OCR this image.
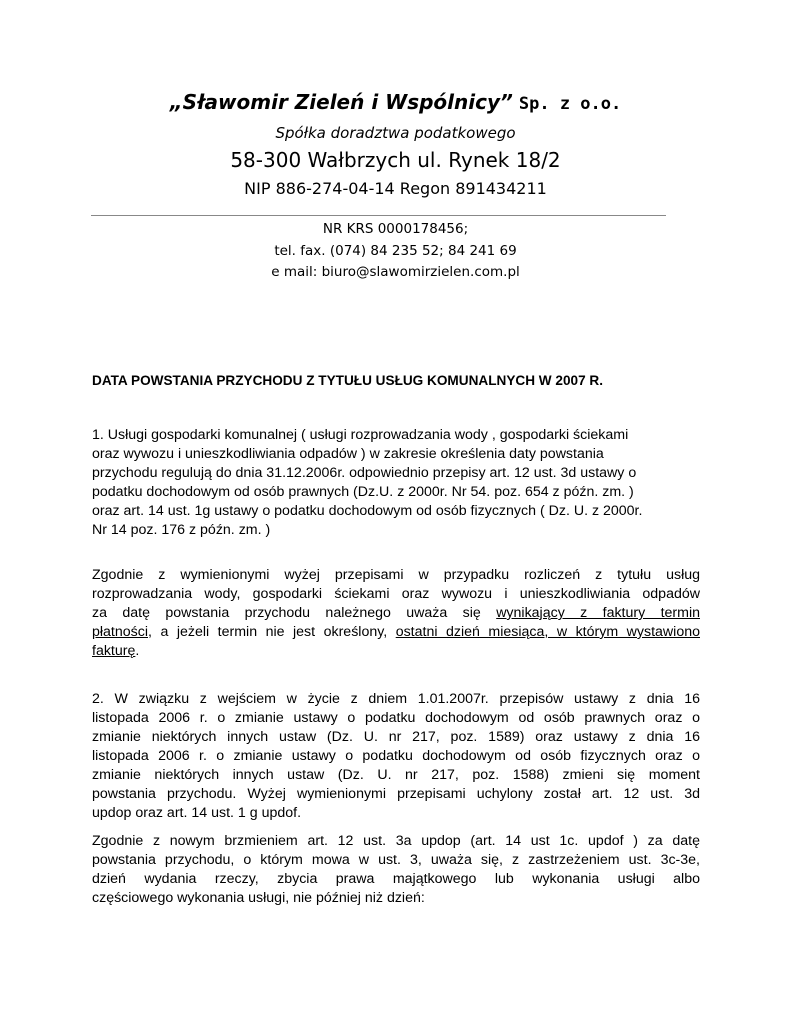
„Sławomir Zieleń i Wspólnicy” Sp. z o.o.
Spółka doradztwa podatkowego
58-300 Wałbrzych ul. Rynek 18/2
NIP 886-274-04-14 Regon 891434211
NR KRS 0000178456;
tel. fax. (074) 84 235 52; 84 241 69
e mail: biuro@slawomirzielen.com.pl
DATA POWSTANIA PRZYCHODU Z TYTUŁU USŁUG KOMUNALNYCH W 2007 R.
1. Usługi gospodarki komunalnej ( usługi rozprowadzania wody , gospodarki ściekami
oraz wywozu i unieszkodliwiania odpadów ) w zakresie określenia daty powstania
przychodu regulują do dnia 31.12.2006r. odpowiednio przepisy art. 12 ust. 3d ustawy o
podatku dochodowym od osób prawnych (Dz.U. z 2000r. Nr 54. poz. 654 z późn. zm. )
oraz art. 14 ust. 1g ustawy o podatku dochodowym od osób fizycznych ( Dz. U. z 2000r.
Nr 14 poz. 176 z późn. zm. )
Zgodnie z wymienionymi wyżej przepisami w przypadku rozliczeń z tytułu usług
rozprowadzania wody, gospodarki ściekami oraz wywozu i unieszkodliwiania odpadów
za datę powstania przychodu należnego uważa się wynikający z faktury termin
płatności, a jeżeli termin nie jest określony, ostatni dzień miesiąca, w którym wystawiono
fakturę.
2. W związku z wejściem w życie z dniem 1.01.2007r. przepisów ustawy z dnia 16
listopada 2006 r. o zmianie ustawy o podatku dochodowym od osób prawnych oraz o
zmianie niektórych innych ustaw (Dz. U. nr 217, poz. 1589) oraz ustawy z dnia 16
listopada 2006 r. o zmianie ustawy o podatku dochodowym od osób fizycznych oraz o
zmianie niektórych innych ustaw (Dz. U. nr 217, poz. 1588) zmieni się moment
powstania przychodu. Wyżej wymienionymi przepisami uchylony został art. 12 ust. 3d
updop oraz art. 14 ust. 1 g updof.
Zgodnie z nowym brzmieniem art. 12 ust. 3a updop (art. 14 ust 1c. updof ) za datę
powstania przychodu, o którym mowa w ust. 3, uważa się, z zastrzeżeniem ust. 3c-3e,
dzień wydania rzeczy, zbycia prawa majątkowego lub wykonania usługi albo
częściowego wykonania usługi, nie później niż dzień:
